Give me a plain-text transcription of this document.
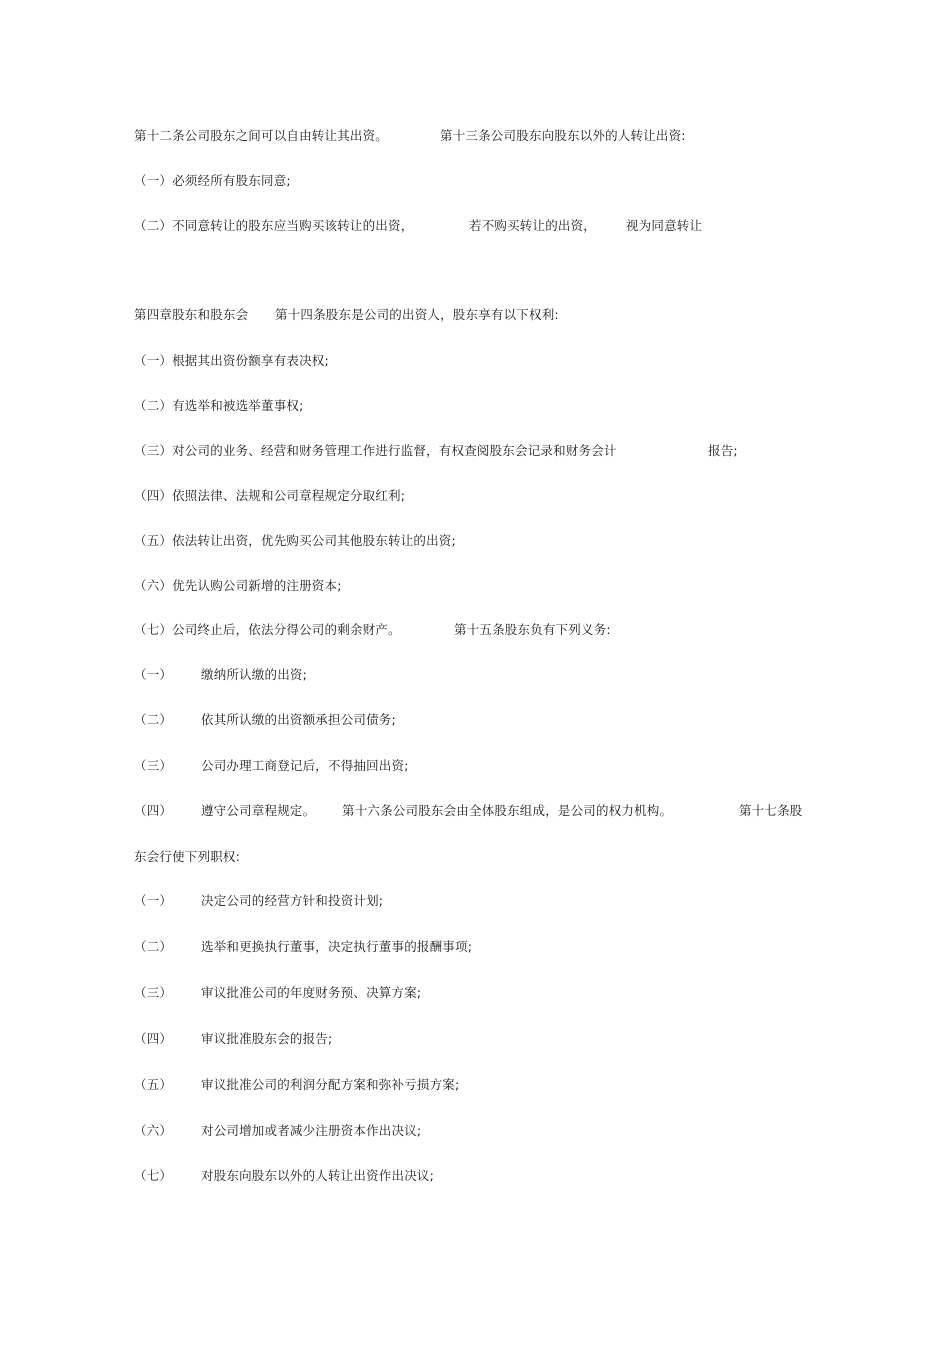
第十二条公司股东之间可以自由转让其出资。	第十三条公司股东向股东以外的人转让出资:
（一）必须经所有股东同意;
（二）不同意转让的股东应当购买该转让的出资，	若不购买转让的出资， 视为同意转让
第四章股东和股东会 第十四条股东是公司的出资人，股东享有以下权利:
（一）根据其出资份额享有表决权;
（二）有选举和被选举董事权;
（三）对公司的业务、经营和财务管理工作进行监督，有权查阅股东会记录和财务会计	报告;
（四）依照法律、法规和公司章程规定分取红利;
（五）依法转让出资，优先购买公司其他股东转让的出资;
（六）优先认购公司新增的注册资本;
（七）公司终止后，依法分得公司的剩余财产。	第十五条股东负有下列义务:
（一） 缴纳所认缴的出资;
（二） 依其所认缴的出资额承担公司债务;
（三） 公司办理工商登记后，不得抽回出资;
（四） 遵守公司章程规定。 第十六条公司股东会由全体股东组成，是公司的权力机构。	第十七条股
东会行使下列职权:
（一） 决定公司的经营方针和投资计划;
（二） 选举和更换执行董事，决定执行董事的报酬事项;
（三） 审议批准公司的年度财务预、决算方案;
（四） 审议批准股东会的报告;
（五） 审议批准公司的利润分配方案和弥补亏损方案;
（六） 对公司增加或者减少注册资本作出决议;
（七） 对股东向股东以外的人转让出资作出决议;
